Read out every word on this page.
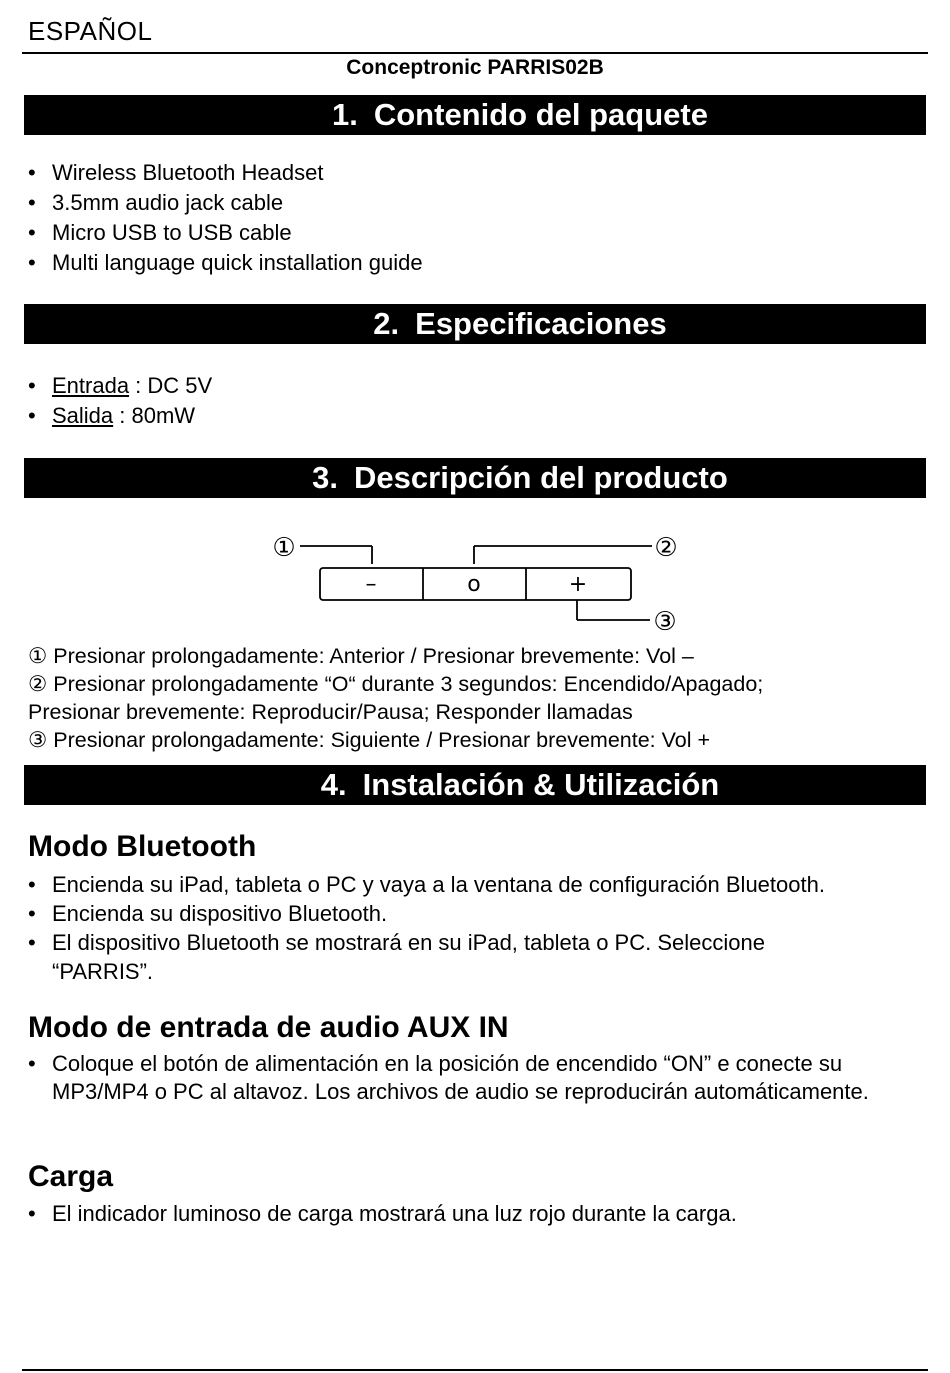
ESPAÑOL
Conceptronic PARRIS02B
1. Contenido del paquete
• Wireless Bluetooth Headset
• 3.5mm audio jack cable
• Micro USB to USB cable
• Multi language quick installation guide
2. Especificaciones
• Entrada : DC 5V
• Salida : 80mW
3. Descripción del producto
–	o	+
①	②
③
① Presionar prolongadamente: Anterior / Presionar brevemente: Vol –
② Presionar prolongadamente “O“ durante 3 segundos: Encendido/Apagado;
Presionar brevemente: Reproducir/Pausa; Responder llamadas
③ Presionar prolongadamente: Siguiente / Presionar brevemente: Vol +
4. Instalación & Utilización
Modo Bluetooth
• Encienda su iPad, tableta o PC y vaya a la ventana de configuración Bluetooth.
• Encienda su dispositivo Bluetooth.
• El dispositivo Bluetooth se mostrará en su iPad, tableta o PC. Seleccione “PARRIS”.
Modo de entrada de audio AUX IN
• Coloque el botón de alimentación en la posición de encendido “ON” e conecte su MP3/MP4 o PC al altavoz. Los archivos de audio se reproducirán automáticamente.
Carga
• El indicador luminoso de carga mostrará una luz rojo durante la carga.
